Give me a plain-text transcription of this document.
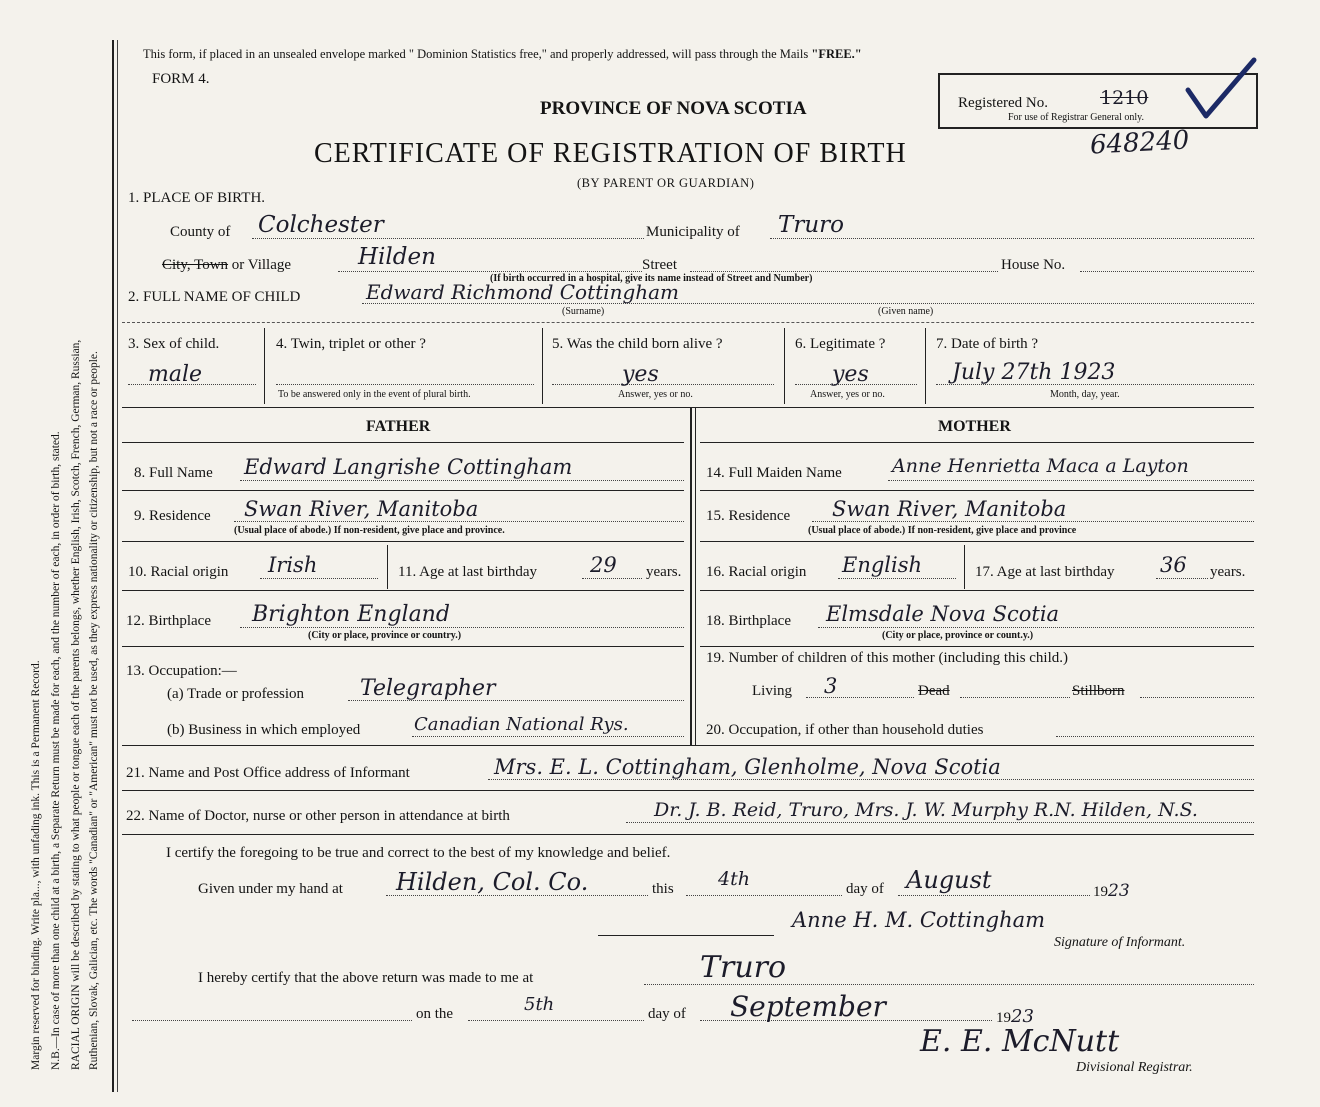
Margin reserved for binding. Write pla..., with unfading ink. This is a Permanent Record. N.B.—In case of more than one child at a birth, a Separate Return must be made for each, and the number of each, in order of birth, stated. RACIAL ORIGIN will be described by stating to what people or tongue each of the parents belongs, whether English, Irish, Scotch, French, German, Russian, Ruthenian, Slovak, Galician, etc. The words "Canadian" or "American" must not be used, as they express nationality or citizenship, but not a race or people.
This form, if placed in an unsealed envelope marked " Dominion Statistics free," and properly addressed, will pass through the Mails "FREE."
FORM 4.
PROVINCE OF NOVA SCOTIA
CERTIFICATE OF REGISTRATION OF BIRTH
(BY PARENT OR GUARDIAN)
Registered No.	1210
For use of Registrar General only.
648240
1. PLACE OF BIRTH.
County of Colchester	Municipality of Truro
City, Town or Village	Hilden	Street	House No.
(If birth occurred in a hospital, give its name instead of Street and Number)
2. FULL NAME OF CHILD	Edward Richmond Cottingham
(Surname)	(Given name)
3. Sex of child.
male
4. Twin, triplet or other ?
To be answered only in the event of plural birth.
5. Was the child born alive ?
yes
Answer, yes or no.
6. Legitimate ?
yes
Answer, yes or no.
7. Date of birth ?
July 27th 1923
Month, day, year.
FATHER
8. Full Name Edward Langrishe Cottingham
9. Residence Swan River, Manitoba
(Usual place of abode.) If non-resident, give place and province.
10. Racial origin Irish	11. Age at last birthday	29 years.
12. Birthplace Brighton England
(City or place, province or country.)
13. Occupation:—
(a) Trade or profession	Telegrapher
(b) Business in which employed	Canadian National Rys.
MOTHER
14. Full Maiden Name	Anne Henrietta Maca a Layton
15. Residence Swan River, Manitoba
(Usual place of abode.) If non-resident, give place and province
16. Racial origin English	17. Age at last birthday 36 years.
18. Birthplace Elmsdale Nova Scotia
(City or place, province or count.y.)
19. Number of children of this mother (including this child.)
Living 3	Dead	Stillborn
20. Occupation, if other than household duties
21. Name and Post Office address of Informant	Mrs. E. L. Cottingham, Glenholme, Nova Scotia
22. Name of Doctor, nurse or other person in attendance at birth	Dr. J. B. Reid, Truro, Mrs. J. W. Murphy R.N. Hilden, N.S.
I certify the foregoing to be true and correct to the best of my knowledge and belief.
Given under my hand at Hilden, Col. Co.	this 4th	day of August	1923
Anne H. M. Cottingham
Signature of Informant.
I hereby certify that the above return was made to me at	Truro
on the	5th	day of September	1923
E. E. McNutt
Divisional Registrar.
